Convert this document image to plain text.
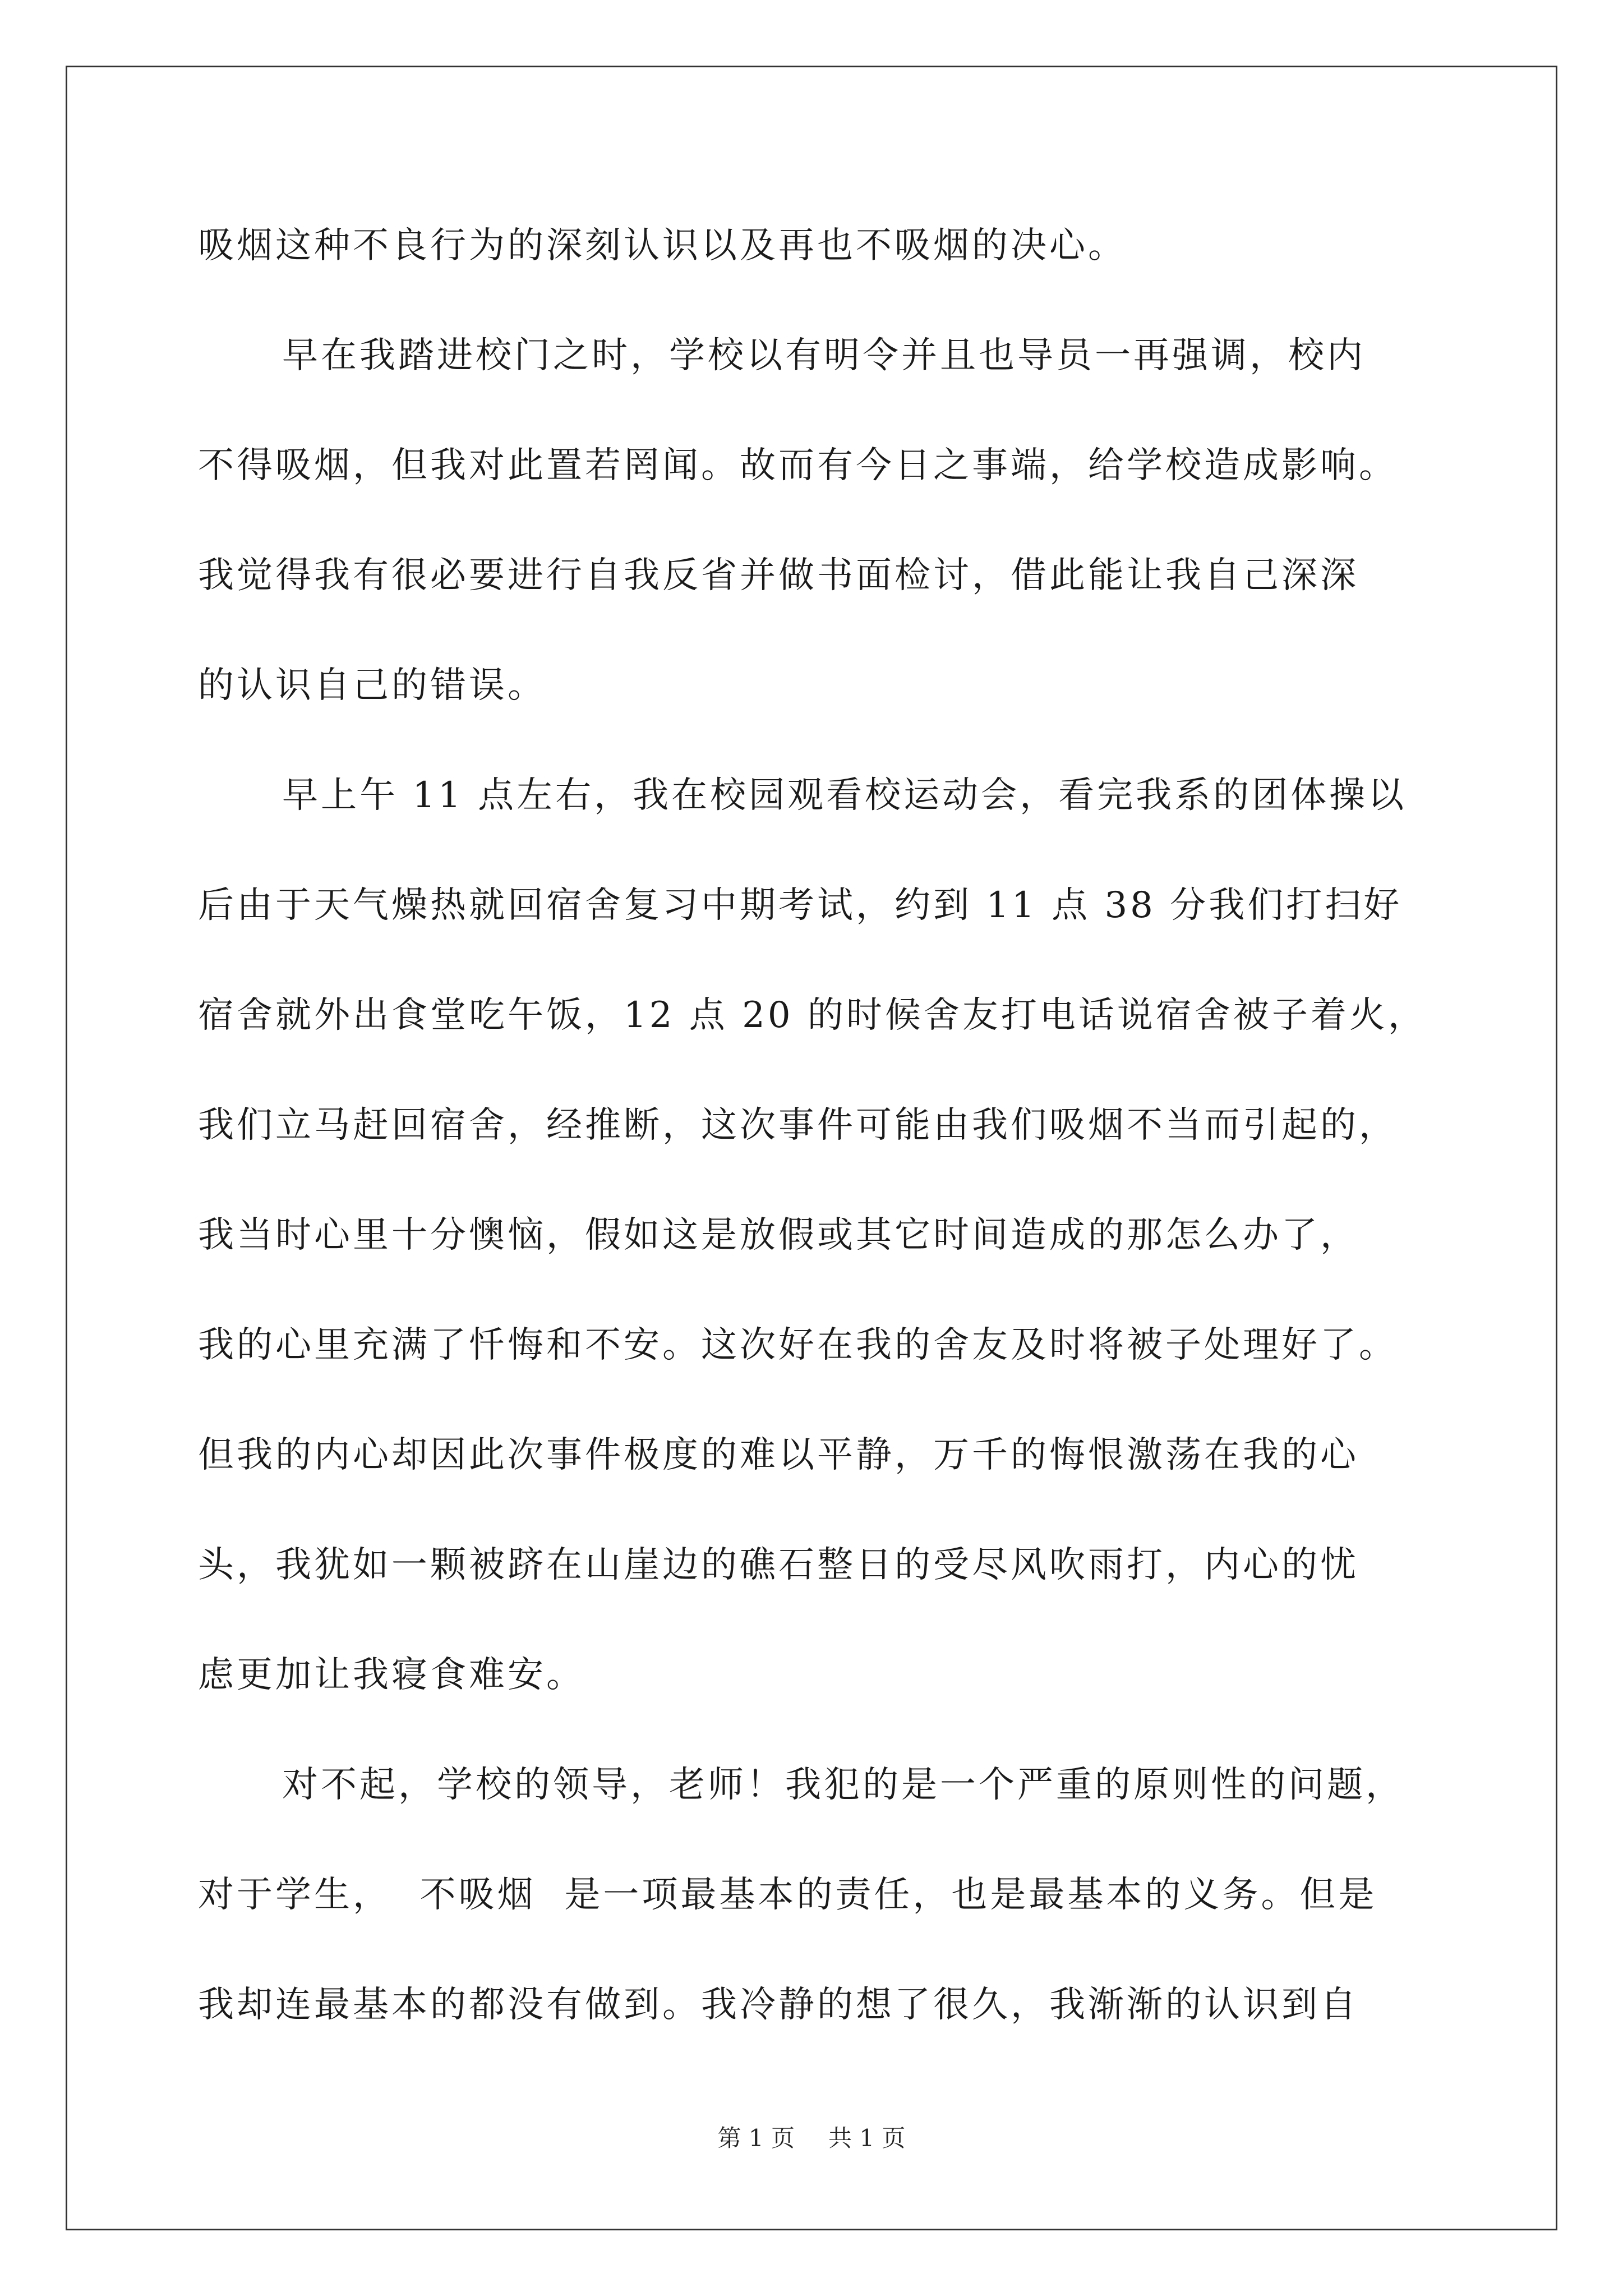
吸烟这种不良行为的深刻认识以及再也不吸烟的决心。
早在我踏进校门之时，学校以有明令并且也导员一再强调，校内
不得吸烟，但我对此置若罔闻。故而有今日之事端，给学校造成影响。
我觉得我有很必要进行自我反省并做书面检讨，借此能让我自己深深
的认识自己的错误。
早上午 11 点左右，我在校园观看校运动会，看完我系的团体操以
后由于天气燥热就回宿舍复习中期考试，约到 11 点 38 分我们打扫好
宿舍就外出食堂吃午饭，12 点 20 的时候舍友打电话说宿舍被子着火，
我们立马赶回宿舍，经推断，这次事件可能由我们吸烟不当而引起的，
我当时心里十分懊恼，假如这是放假或其它时间造成的那怎么办了，
我的心里充满了忏悔和不安。这次好在我的舍友及时将被子处理好了。
但我的内心却因此次事件极度的难以平静，万千的悔恨激荡在我的心
头，我犹如一颗被跻在山崖边的礁石整日的受尽风吹雨打，内心的忧
虑更加让我寝食难安。
对不起，学校的领导，老师！我犯的是一个严重的原则性的问题，
对于学生，  不吸烟  是一项最基本的责任，也是最基本的义务。但是
我却连最基本的都没有做到。我冷静的想了很久，我渐渐的认识到自
第 1 页 共 1 页
